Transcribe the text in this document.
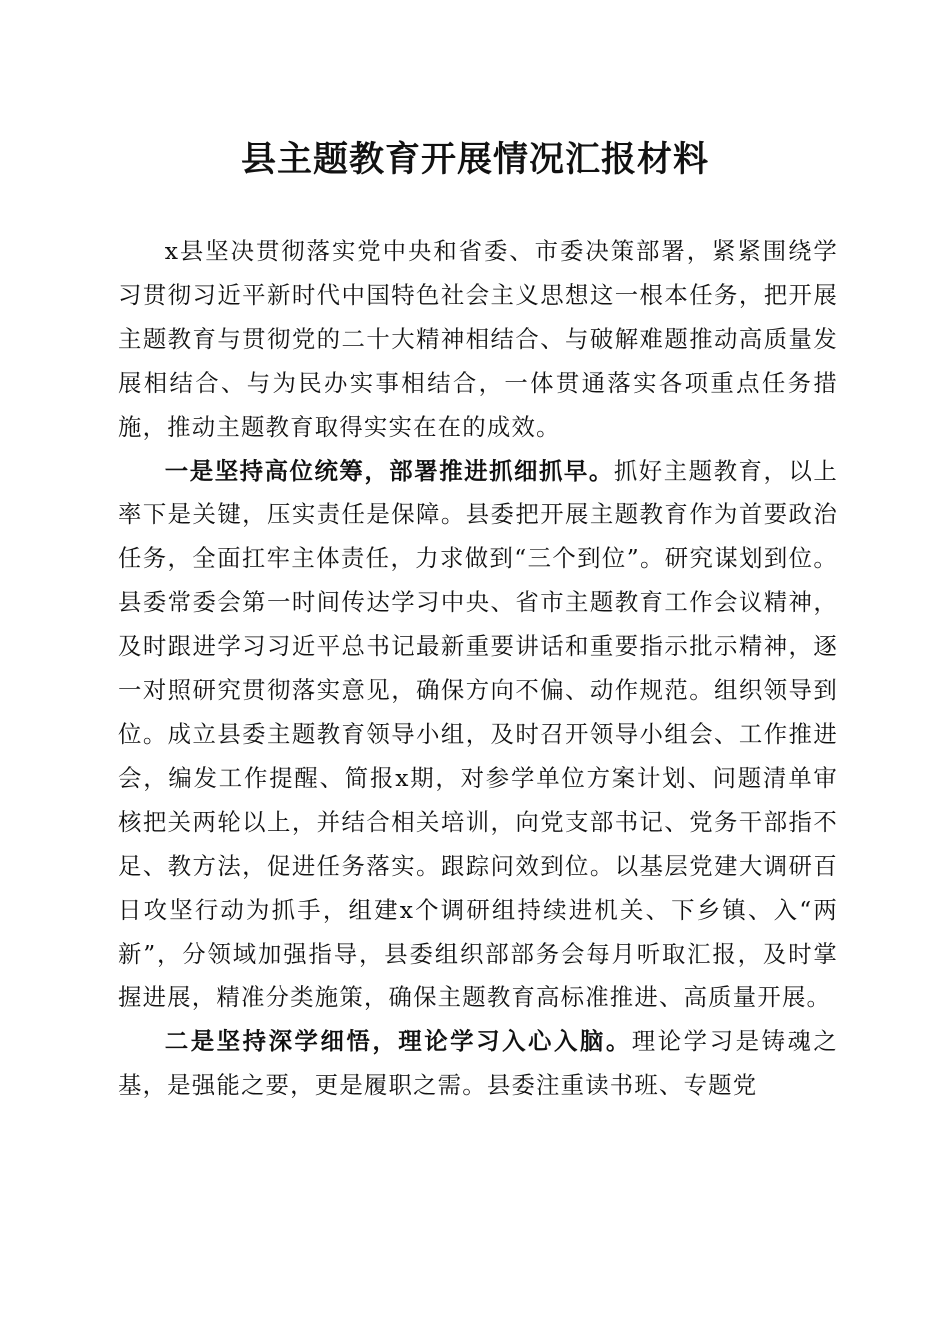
县主题教育开展情况汇报材料

x县坚决贯彻落实党中央和省委、市委决策部署，紧紧围绕学习贯彻习近平新时代中国特色社会主义思想这一根本任务，把开展主题教育与贯彻党的二十大精神相结合、与破解难题推动高质量发展相结合、与为民办实事相结合，一体贯通落实各项重点任务措施，推动主题教育取得实实在在的成效。

一是坚持高位统筹，部署推进抓细抓早。抓好主题教育，以上率下是关键，压实责任是保障。县委把开展主题教育作为首要政治任务，全面扛牢主体责任，力求做到“三个到位”。研究谋划到位。县委常委会第一时间传达学习中央、省市主题教育工作会议精神，及时跟进学习习近平总书记最新重要讲话和重要指示批示精神，逐一对照研究贯彻落实意见，确保方向不偏、动作规范。组织领导到位。成立县委主题教育领导小组，及时召开领导小组会、工作推进会，编发工作提醒、简报x期，对参学单位方案计划、问题清单审核把关两轮以上，并结合相关培训，向党支部书记、党务干部指不足、教方法，促进任务落实。跟踪问效到位。以基层党建大调研百日攻坚行动为抓手，组建x个调研组持续进机关、下乡镇、入“两新”，分领域加强指导，县委组织部部务会每月听取汇报，及时掌握进展，精准分类施策，确保主题教育高标准推进、高质量开展。

二是坚持深学细悟，理论学习入心入脑。理论学习是铸魂之基，是强能之要，更是履职之需。县委注重读书班、专题党
